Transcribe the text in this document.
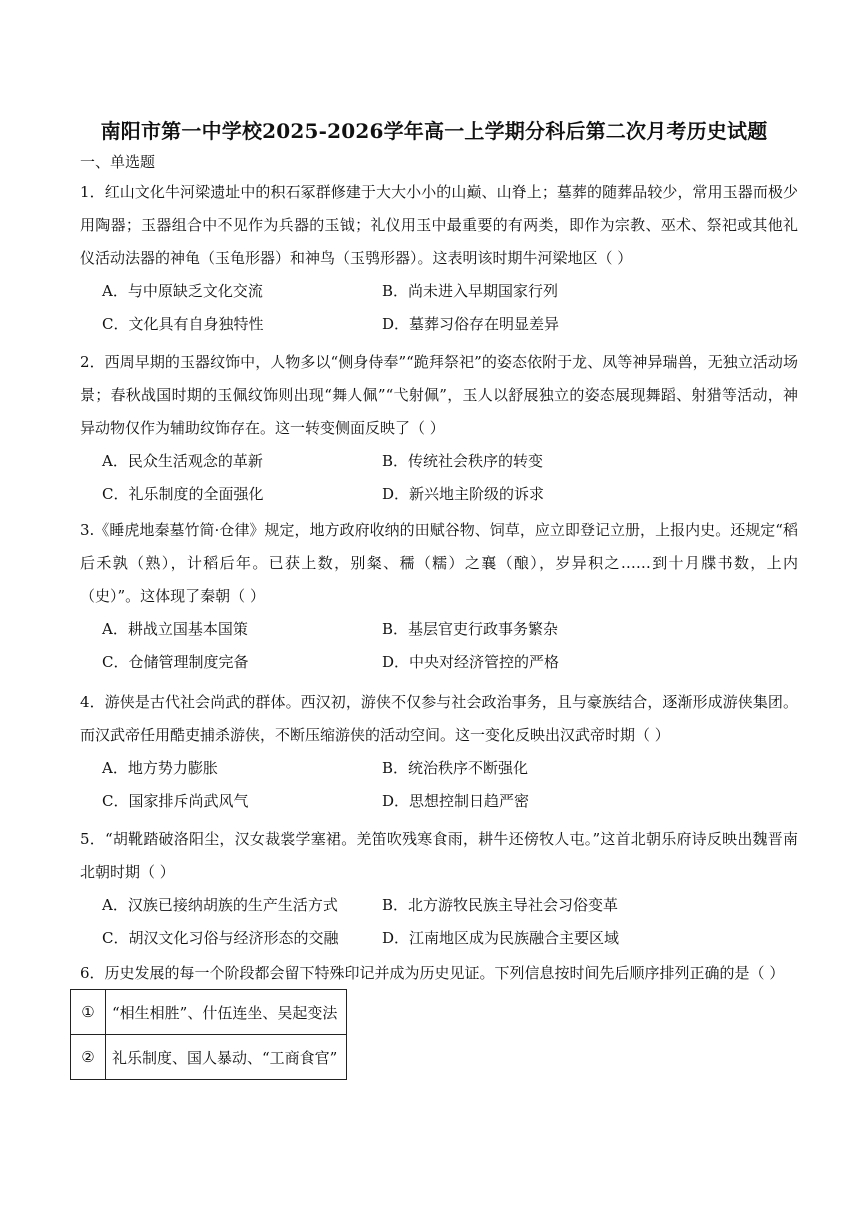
南阳市第一中学校2025-2026学年高一上学期分科后第二次月考历史试题
一、单选题
1．红山文化牛河梁遗址中的积石冢群修建于大大小小的山巅、山脊上；墓葬的随葬品较少，常用玉器而极少用陶器；玉器组合中不见作为兵器的玉钺；礼仪用玉中最重要的有两类，即作为宗教、巫术、祭祀或其他礼仪活动法器的神龟（玉龟形器）和神鸟（玉鸮形器）。这表明该时期牛河梁地区（ ）
A．与中原缺乏文化交流	B．尚未进入早期国家行列
C．文化具有自身独特性	D．墓葬习俗存在明显差异
2．西周早期的玉器纹饰中，人物多以“侧身侍奉”“跪拜祭祀”的姿态依附于龙、凤等神异瑞兽，无独立活动场景；春秋战国时期的玉佩纹饰则出现“舞人佩”“弋射佩”，玉人以舒展独立的姿态展现舞蹈、射猎等活动，神异动物仅作为辅助纹饰存在。这一转变侧面反映了（ ）
A．民众生活观念的革新	B．传统社会秩序的转变
C．礼乐制度的全面强化	D．新兴地主阶级的诉求
3.《睡虎地秦墓竹简·仓律》规定，地方政府收纳的田赋谷物、饲草，应立即登记立册，上报内史。还规定“稻后禾孰（熟），计稻后年。已获上数，别粲、穤（糯）之襄（酿），岁异积之……到十月牒书数，上内（史）”。这体现了秦朝（ ）
A．耕战立国基本国策	B．基层官吏行政事务繁杂
C．仓储管理制度完备	D．中央对经济管控的严格
4．游侠是古代社会尚武的群体。西汉初，游侠不仅参与社会政治事务，且与豪族结合，逐渐形成游侠集团。而汉武帝任用酷吏捕杀游侠，不断压缩游侠的活动空间。这一变化反映出汉武帝时期（ ）
A．地方势力膨胀	B．统治秩序不断强化
C．国家排斥尚武风气	D．思想控制日趋严密
5．“胡靴踏破洛阳尘，汉女裁裳学塞裙。羌笛吹残寒食雨，耕牛还傍牧人屯。”这首北朝乐府诗反映出魏晋南北朝时期（ ）
A．汉族已接纳胡族的生产生活方式	B．北方游牧民族主导社会习俗变革
C．胡汉文化习俗与经济形态的交融	D．江南地区成为民族融合主要区域
6．历史发展的每一个阶段都会留下特殊印记并成为历史见证。下列信息按时间先后顺序排列正确的是（ ）
①	“相生相胜”、什伍连坐、吴起变法
②	礼乐制度、国人暴动、“工商食官”
